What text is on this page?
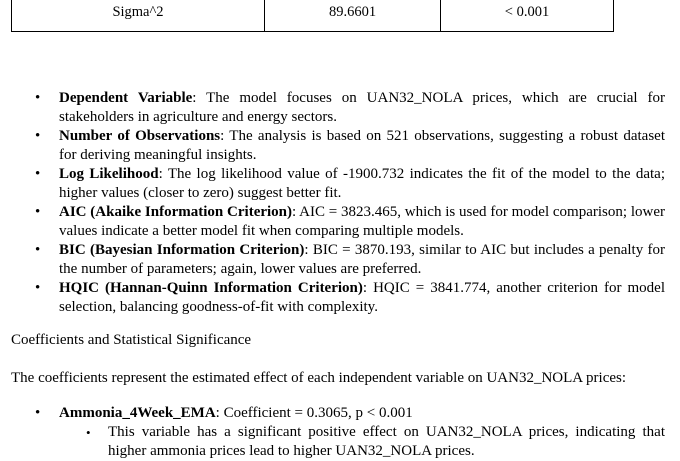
Sigma^2	89.6601	< 0.001
• Dependent Variable: The model focuses on UAN32_NOLA prices, which are crucial for stakeholders in agriculture and energy sectors.
• Number of Observations: The analysis is based on 521 observations, suggesting a robust dataset for deriving meaningful insights.
• Log Likelihood: The log likelihood value of -1900.732 indicates the fit of the model to the data; higher values (closer to zero) suggest better fit.
• AIC (Akaike Information Criterion): AIC = 3823.465, which is used for model comparison; lower values indicate a better model fit when comparing multiple models.
• BIC (Bayesian Information Criterion): BIC = 3870.193, similar to AIC but includes a penalty for the number of parameters; again, lower values are preferred.
• HQIC (Hannan-Quinn Information Criterion): HQIC = 3841.774, another criterion for model selection, balancing goodness-of-fit with complexity.
Coefficients and Statistical Significance
The coefficients represent the estimated effect of each independent variable on UAN32_NOLA prices:
• Ammonia_4Week_EMA: Coefficient = 0.3065, p < 0.001
• This variable has a significant positive effect on UAN32_NOLA prices, indicating that higher ammonia prices lead to higher UAN32_NOLA prices.
